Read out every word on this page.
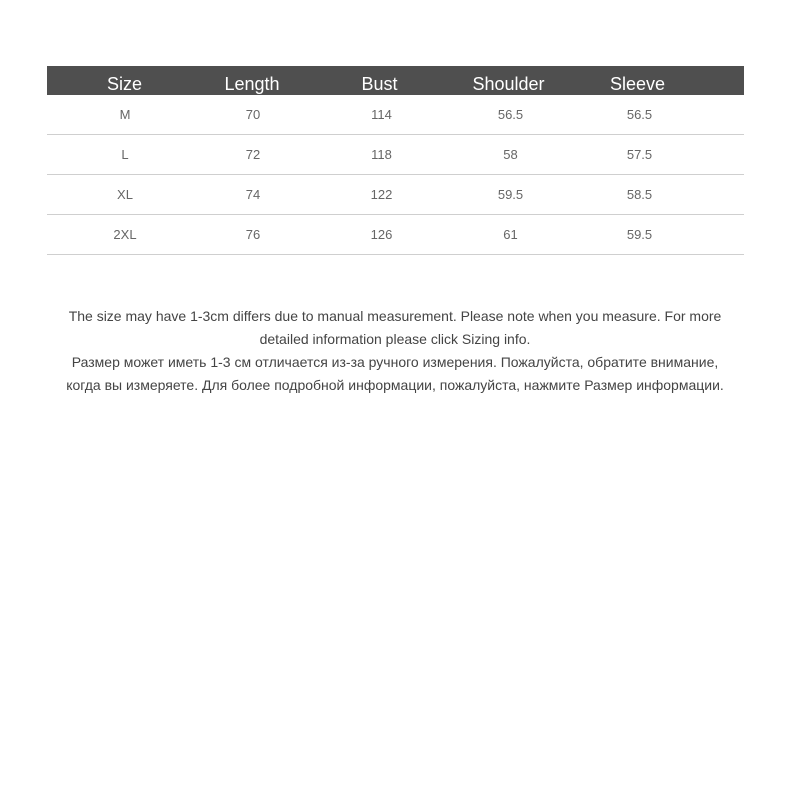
Size	Length	Bust	Shoulder	Sleeve
M	70	114	56.5	56.5
L	72	118	58	57.5
XL	74	122	59.5	58.5
2XL	76	126	61	59.5
The size may have 1-3cm differs due to manual measurement. Please note when you measure. For more
detailed information please click Sizing info.
Размер может иметь 1-3 см отличается из-за ручного измерения. Пожалуйста, обратите внимание,
когда вы измеряете. Для более подробной информации, пожалуйста, нажмите Размер информации.
